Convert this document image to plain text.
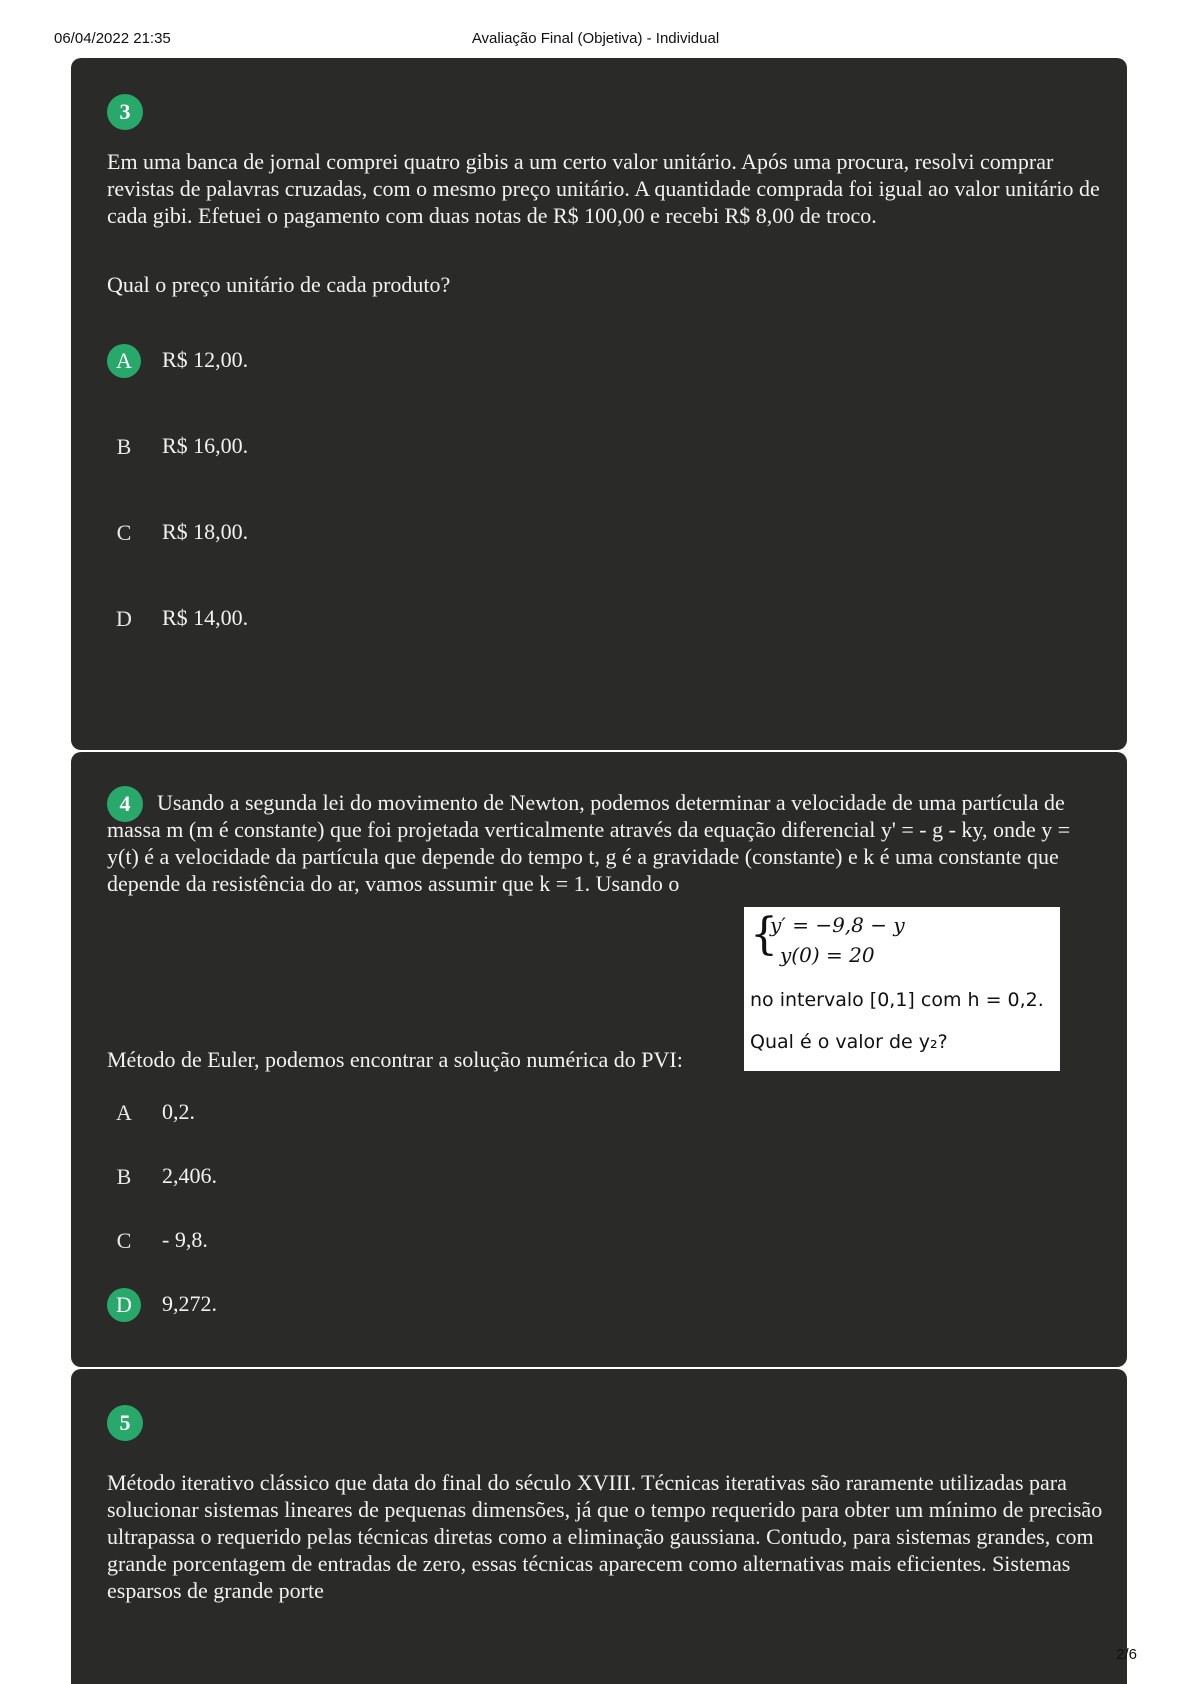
06/04/2022 21:35	Avaliação Final (Objetiva) - Individual
3

Em uma banca de jornal comprei quatro gibis a um certo valor unitário. Após uma procura, resolvi comprar revistas de palavras cruzadas, com o mesmo preço unitário. A quantidade comprada foi igual ao valor unitário de cada gibi. Efetuei o pagamento com duas notas de R$ 100,00 e recebi R$ 8,00 de troco.

Qual o preço unitário de cada produto?

A	R$ 12,00.
B	R$ 16,00.
C	R$ 18,00.
D	R$ 14,00.
4	Usando a segunda lei do movimento de Newton, podemos determinar a velocidade de uma partícula de massa m (m é constante) que foi projetada verticalmente através da equação diferencial y' = - g - ky, onde y = y(t) é a velocidade da partícula que depende do tempo t, g é a gravidade (constante) e k é uma constante que depende da resistência do ar, vamos assumir que k = 1. Usando o

{
y′ = −9,8 − y
y(0) = 20
no intervalo [0,1] com h = 0,2.
Qual é o valor de y₂?

Método de Euler, podemos encontrar a solução numérica do PVI:

A	0,2.
B	2,406.
C	- 9,8.
D	9,272.
5

Método iterativo clássico que data do final do século XVIII. Técnicas iterativas são raramente utilizadas para solucionar sistemas lineares de pequenas dimensões, já que o tempo requerido para obter um mínimo de precisão ultrapassa o requerido pelas técnicas diretas como a eliminação gaussiana. Contudo, para sistemas grandes, com grande porcentagem de entradas de zero, essas técnicas aparecem como alternativas mais eficientes. Sistemas esparsos de grande porte

2/6
